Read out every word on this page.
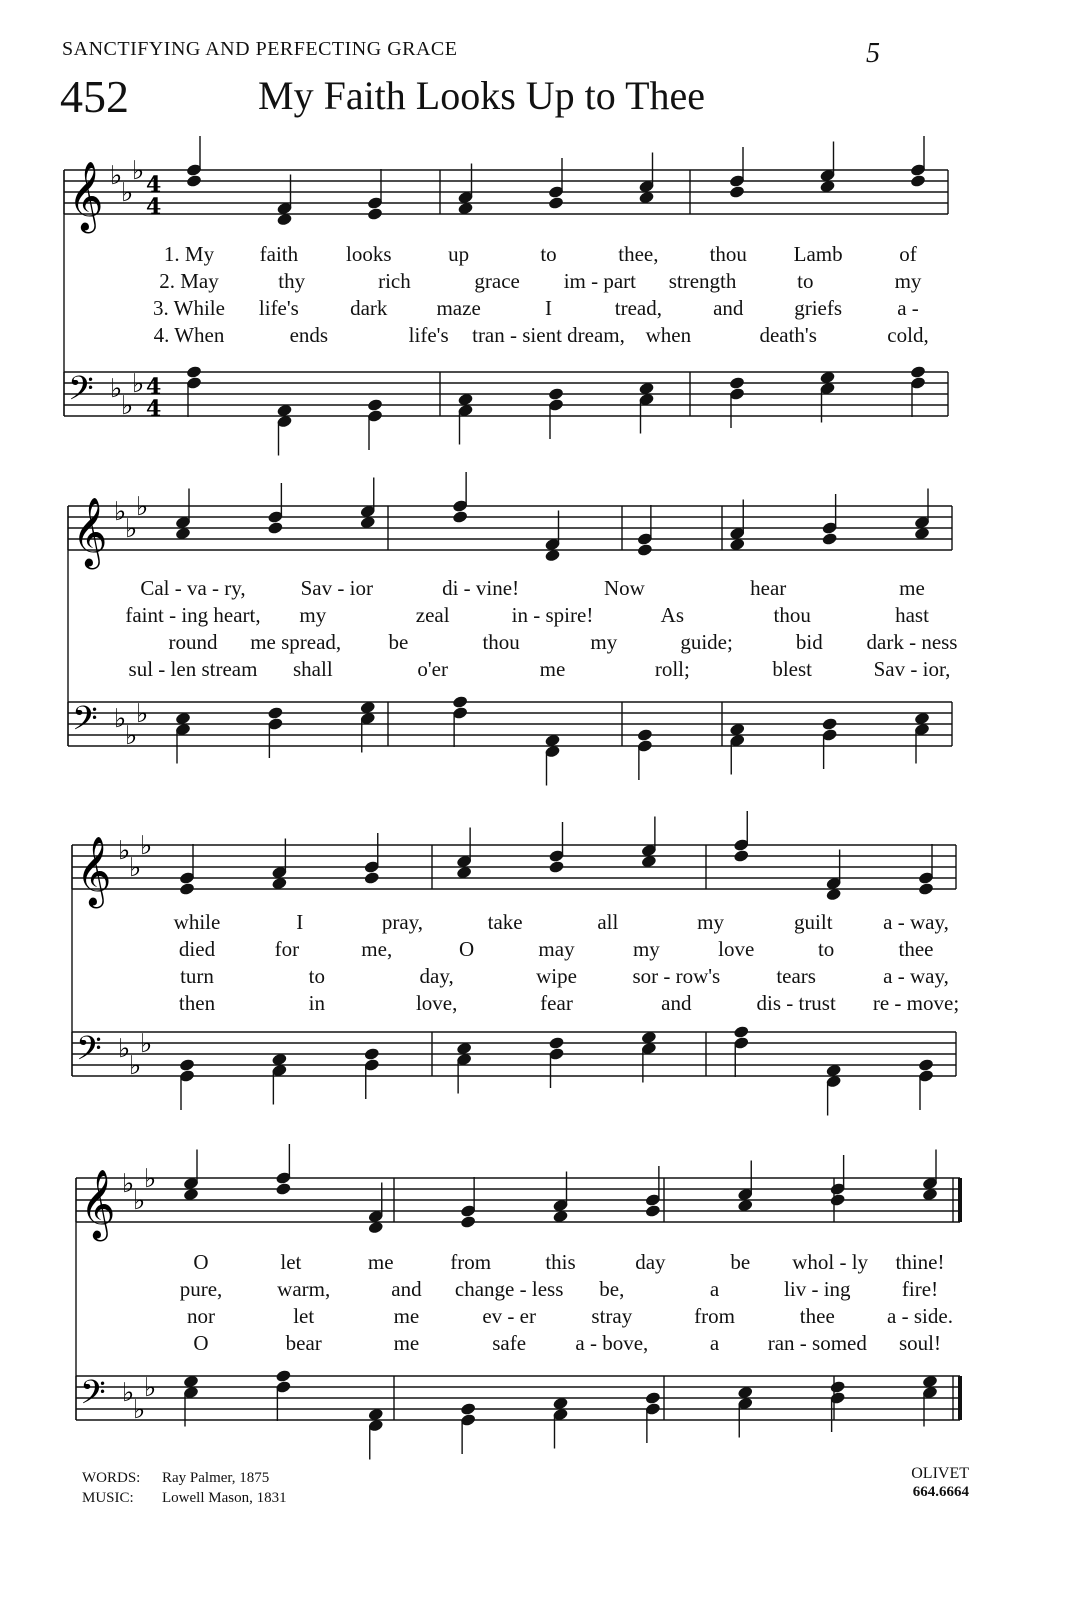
SANCTIFYING AND PERFECTING GRACE
452	My Faith Looks Up to Thee
5
𝄞 ♭
♭
♭ 4
4
𝄢 ♭
♭
♭ 4
4
𝄞 ♭
♭
♭
𝄢 ♭
♭
♭
𝄞 ♭
♭
♭
𝄢 ♭
♭
♭
𝄞 ♭
♭
♭
𝄢 ♭
♭
♭
1. My faith looks	up	to	thee, thou Lamb	of
2. May	thy	rich	grace im - part strength	to	my
3. While life's dark maze	I	tread, and griefs	a -
4. When	ends	life's tran - sient dream, when	death's	cold,
Cal - va - ry,	Sav - ior	di - vine!	Now	hear	me
faint - ing heart, my	zeal	in - spire!	As	thou	hast
round me spread, be	thou	my	guide;	bid dark - ness
sul - len stream shall	o'er	me	roll;	blest	Sav - ior,
while	I	pray,	take	all	my	guilt a - way,
died	for	me,	O	may	my	love	to	thee
turn	to	day,	wipe	sor - row's	tears	a - way,
then	in	love,	fear	and	dis - trust re - move;
O	let	me	from	this	day	be whol - ly thine!
pure,	warm,	and change - less be,	a	liv - ing fire!
nor	let	me	ev - er	stray	from	thee a - side.
O	bear	me	safe a - bove,	a ran - somed soul!
WORDS: Ray Palmer, 1875
MUSIC: Lowell Mason, 1831
OLIVET
664.6664
